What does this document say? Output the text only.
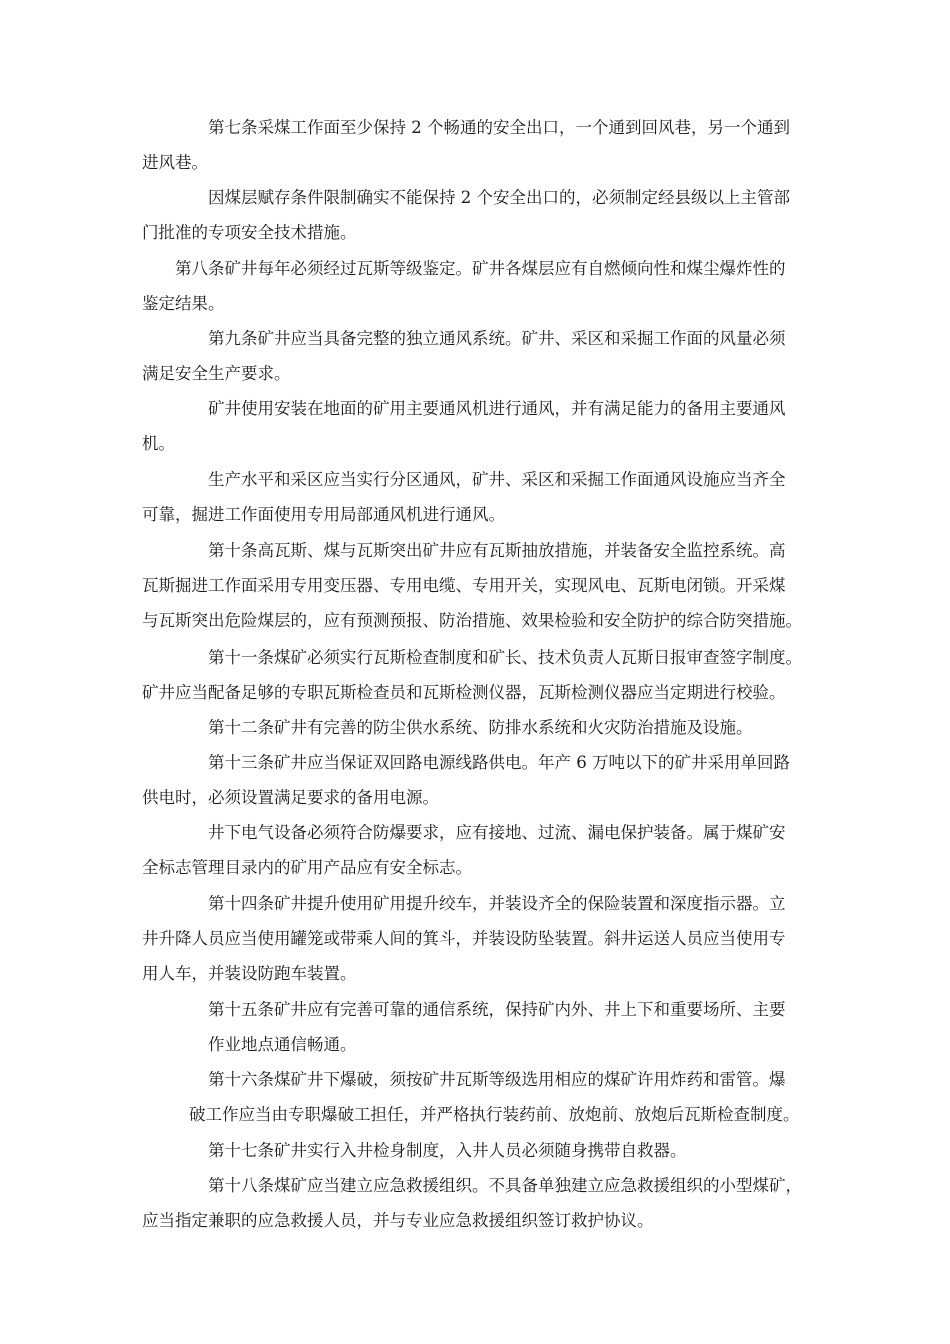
第七条采煤工作面至少保持 2 个畅通的安全出口，一个通到回风巷，另一个通到
进风巷。
因煤层赋存条件限制确实不能保持 2 个安全出口的，必须制定经县级以上主管部
门批准的专项安全技术措施。
第八条矿井每年必须经过瓦斯等级鉴定。矿井各煤层应有自燃倾向性和煤尘爆炸性的
鉴定结果。
第九条矿井应当具备完整的独立通风系统。矿井、采区和采掘工作面的风量必须
满足安全生产要求。
矿井使用安装在地面的矿用主要通风机进行通风，并有满足能力的备用主要通风
机。
生产水平和采区应当实行分区通风，矿井、采区和采掘工作面通风设施应当齐全
可靠，掘进工作面使用专用局部通风机进行通风。
第十条高瓦斯、煤与瓦斯突出矿井应有瓦斯抽放措施，并装备安全监控系统。高
瓦斯掘进工作面采用专用变压器、专用电缆、专用开关，实现风电、瓦斯电闭锁。开采煤
与瓦斯突出危险煤层的，应有预测预报、防治措施、效果检验和安全防护的综合防突措施。
第十一条煤矿必须实行瓦斯检查制度和矿长、技术负责人瓦斯日报审查签字制度。
矿井应当配备足够的专职瓦斯检查员和瓦斯检测仪器，瓦斯检测仪器应当定期进行校验。
第十二条矿井有完善的防尘供水系统、防排水系统和火灾防治措施及设施。
第十三条矿井应当保证双回路电源线路供电。年产 6 万吨以下的矿井采用单回路
供电时，必须设置满足要求的备用电源。
井下电气设备必须符合防爆要求，应有接地、过流、漏电保护装备。属于煤矿安
全标志管理目录内的矿用产品应有安全标志。
第十四条矿井提升使用矿用提升绞车，并装设齐全的保险装置和深度指示器。立
井升降人员应当使用罐笼或带乘人间的箕斗，并装设防坠装置。斜井运送人员应当使用专
用人车，并装设防跑车装置。
第十五条矿井应有完善可靠的通信系统，保持矿内外、井上下和重要场所、主要
作业地点通信畅通。
第十六条煤矿井下爆破，须按矿井瓦斯等级选用相应的煤矿许用炸药和雷管。爆
破工作应当由专职爆破工担任，并严格执行装药前、放炮前、放炮后瓦斯检查制度。
第十七条矿井实行入井检身制度，入井人员必须随身携带自救器。
第十八条煤矿应当建立应急救援组织。不具备单独建立应急救援组织的小型煤矿，
应当指定兼职的应急救援人员，并与专业应急救援组织签订救护协议。
